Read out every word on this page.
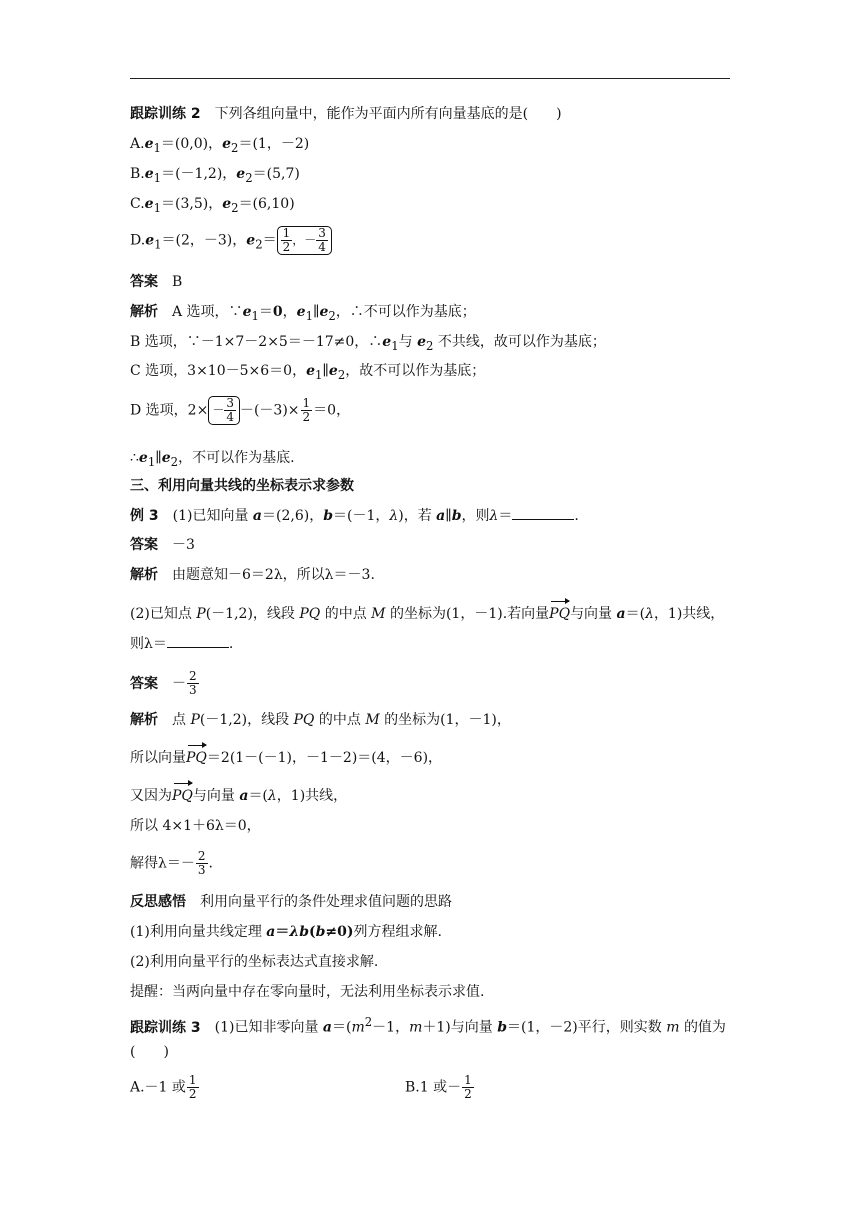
跟踪训练 2 下列各组向量中，能作为平面内所有向量基底的是(　　)
$A.e_1=(0,0)$，$e_2=(1$，－2)
$B.e_1=(-1,2)$，$e_2=(5,7)$
$C.e_1=(3,5)$，$e_2=(6,10)$
$D.e_1=(2$，－3)，$e_2= \frac{1}{2}$ ，－ $\frac{3}{4}$
答案 B
解析 A 选项，$\because e_1=0$，$e_1\parallel e_2$，∴不可以作为基底；
B 选项，∵－1×7－2×5＝－17≠0，$\therefore e_1$与 $e_2$ 不共线，故可以作为基底；
C 选项，3×10－5×6＝0，$e_1\parallel e_2$，故不可以作为基底；
D 选项，$2\times - \frac{3}{4} -(-3)\times \frac{1}{2} =0$，
$\therefore e_1\parallel e_2$，不可以作为基底.
三、利用向量共线的坐标表示求参数
例 3 (1)已知向量 a＝(2,6)，b＝(－1，λ)，若 a∥b，则λ＝	.
答案 －3
解析 由题意知－6＝2λ，所以λ＝－3.
(2)已知点 P(－1,2)，线段 PQ 的中点 M 的坐标为(1，－1).若向量PQ与向量 a＝(λ，1)共线，
则λ＝	.
答案 － $\frac{2}{3}$
解析 点 P(－1,2)，线段 PQ 的中点 M 的坐标为(1，－1)，
所以向量PQ＝2(1－(－1)，－1－2)＝(4，－6)，
又因为PQ与向量 a＝(λ，1)共线，
所以 4×1＋6λ＝0，
解得$\lambda=- \frac{2}{3}$ .
反思感悟 利用向量平行的条件处理求值问题的思路
(1)利用向量共线定理 a＝λb(b≠0)列方程组求解.
(2)利用向量平行的坐标表达式直接求解.
提醒：当两向量中存在零向量时，无法利用坐标表示求值.
跟踪训练 3 (1)已知非零向量 $a=(m^2-1$，m＋1)与向量 b＝(1，－2)平行，则实数 m 的值为
(　　)
A.－1 或 $\frac{1}{2}$	B.1 或－ $\frac{1}{2}$
